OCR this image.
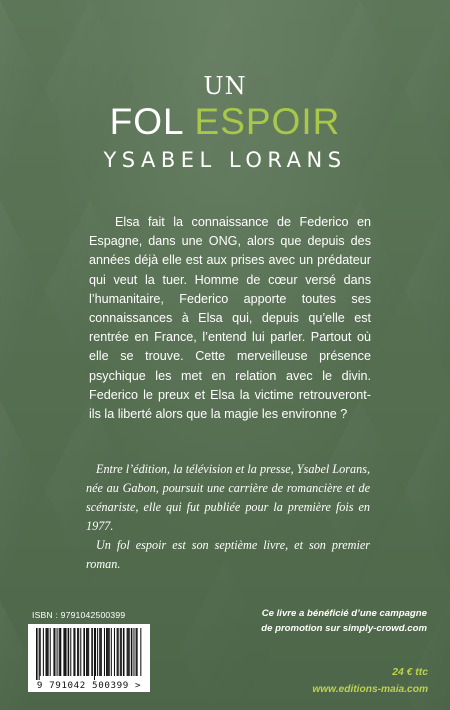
UN
FOL ESPOIR
YSABEL LORANS

Elsa fait la connaissance de Federico en Espagne, dans une ONG, alors que depuis des années déjà elle est aux prises avec un prédateur qui veut la tuer. Homme de cœur versé dans l’humanitaire, Federico apporte toutes ses connaissances à Elsa qui, depuis qu’elle est rentrée en France, l’entend lui parler. Partout où elle se trouve. Cette merveilleuse présence psychique les met en relation avec le divin. Federico le preux et Elsa la victime retrouveront-ils la liberté alors que la magie les environne ?

Entre l’édition, la télévision et la presse, Ysabel Lorans, née au Gabon, poursuit une carrière de romancière et de scénariste, elle qui fut publiée pour la première fois en 1977.

Un fol espoir est son septième livre, et son premier roman.

ISBN : 9791042500399
9 791042 500399 >
Ce livre a bénéficié d’une campagne
de promotion sur simply-crowd.com
24 € ttc
www.editions-maia.com
